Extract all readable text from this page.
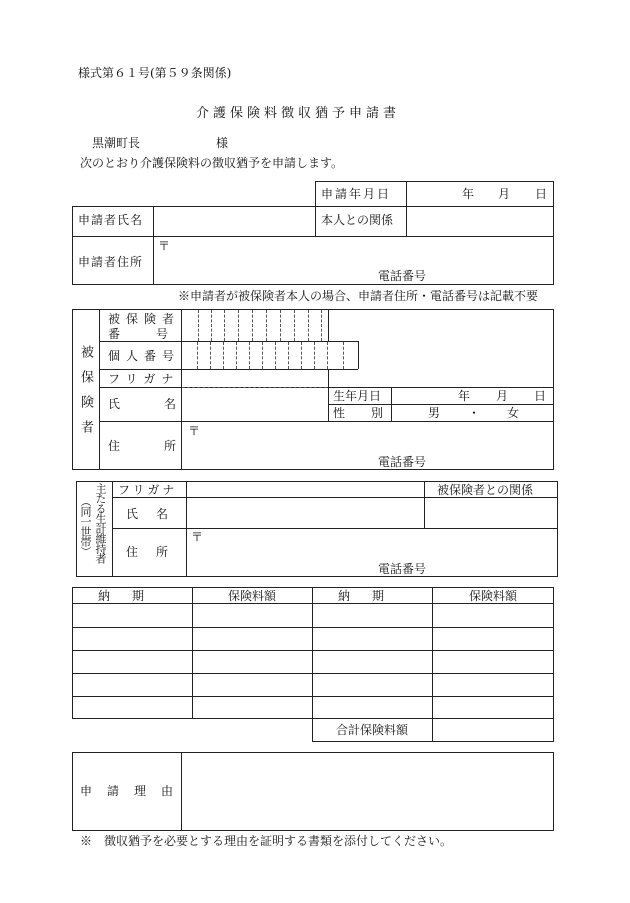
様式第６１号(第５９条関係)
介護保険料徴収猶予申請書
黒潮町長	様
次のとおり介護保険料の徴収猶予を申請します。
申請年月日	年 月 日
申請者氏名	本人との関係
申請者住所
〒
電話番号
※申請者が被保険者本人の場合、申請者住所・電話番号は記載不要
被保険者
被保険者
番号
個人番号
フリガナ
氏名
生年月日	年 月 日
性別 男 ・ 女
住所
〒
電話番号
主たる生計維持者
（同一世帯）
フリガナ	被保険者との関係
氏名
住所
〒
電話番号
納期	保険料額	納期	保険料額
合計保険料額
申請理由
※　徴収猶予を必要とする理由を証明する書類を添付してください。
